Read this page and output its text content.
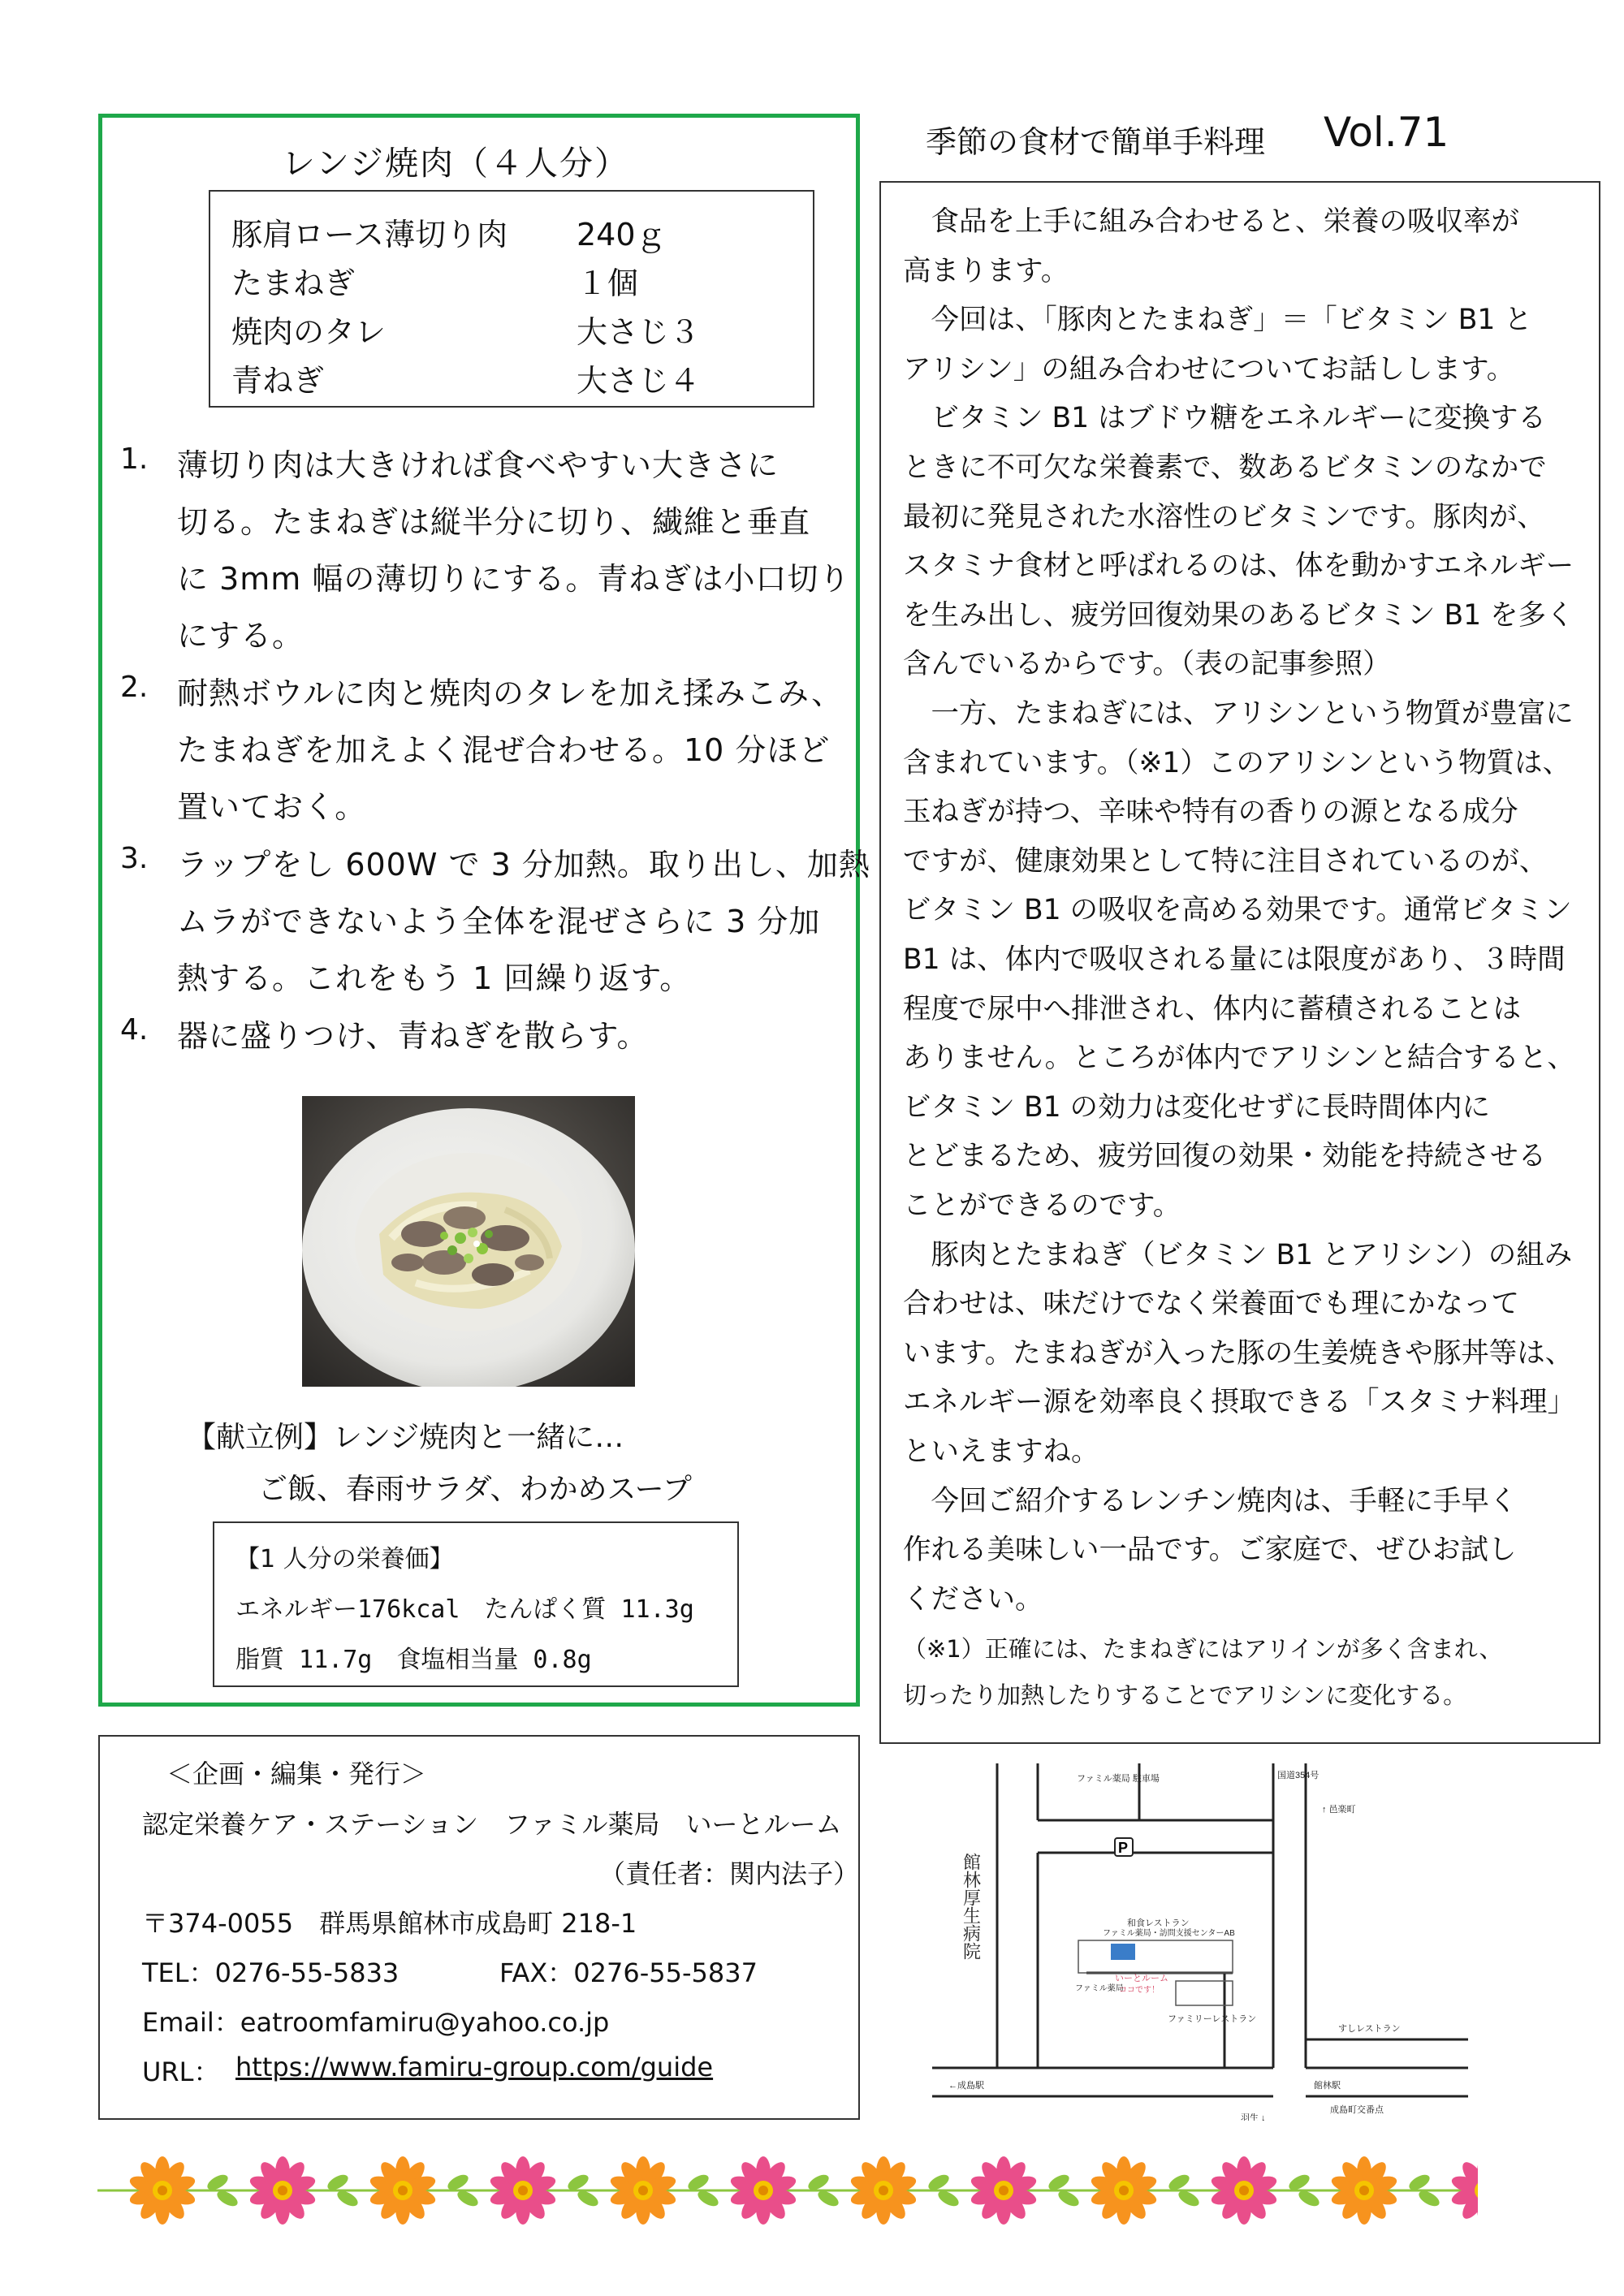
レンジ焼肉（４人分）
豚肩ロース薄切り肉 240ｇ
たまねぎ	１個
焼肉のタレ	大さじ３
青ねぎ	大さじ４
1. 薄切り肉は大きければ食べやすい大きさに
切る。たまねぎは縦半分に切り、繊維と垂直
に 3mm 幅の薄切りにする。青ねぎは小口切り
にする。
2. 耐熱ボウルに肉と焼肉のタレを加え揉みこみ、
たまねぎを加えよく混ぜ合わせる。10 分ほど
置いておく。
3. ラップをし 600W で 3 分加熱。取り出し、加熱
ムラができないよう全体を混ぜさらに 3 分加
熱する。これをもう 1 回繰り返す。
4. 器に盛りつけ、青ねぎを散らす。
【献立例】レンジ焼肉と一緒に…
ご飯、春雨サラダ、わかめスープ
【1 人分の栄養価】
エネルギー176kcal　たんぱく質 11.3g
脂質 11.7g　食塩相当量 0.8g
季節の食材で簡単手料理 Vol.71
　食品を上手に組み合わせると、栄養の吸収率が
高まります。
　今回は、「豚肉とたまねぎ」＝「ビタミン B1 と
アリシン」の組み合わせについてお話しします。
　ビタミン B1 はブドウ糖をエネルギーに変換する
ときに不可欠な栄養素で、数あるビタミンのなかで
最初に発見された水溶性のビタミンです。豚肉が、
スタミナ食材と呼ばれるのは、体を動かすエネルギー
を生み出し、疲労回復効果のあるビタミン B1 を多く
含んでいるからです。（表の記事参照）
　一方、たまねぎには、アリシンという物質が豊富に
含まれています。（※1）このアリシンという物質は、
玉ねぎが持つ、辛味や特有の香りの源となる成分
ですが、健康効果として特に注目されているのが、
ビタミン B1 の吸収を高める効果です。通常ビタミン
B1 は、体内で吸収される量には限度があり、３時間
程度で尿中へ排泄され、体内に蓄積されることは
ありません。ところが体内でアリシンと結合すると、
ビタミン B1 の効力は変化せずに長時間体内に
とどまるため、疲労回復の効果・効能を持続させる
ことができるのです。
　豚肉とたまねぎ（ビタミン B1 とアリシン）の組み
合わせは、味だけでなく栄養面でも理にかなって
います。たまねぎが入った豚の生姜焼きや豚丼等は、
エネルギー源を効率良く摂取できる「スタミナ料理」
といえますね。
　今回ご紹介するレンチン焼肉は、手軽に手早く
作れる美味しい一品です。ご家庭で、ぜひお試し
ください。
（※1）正確には、たまねぎにはアリインが多く含まれ、
切ったり加熱したりすることでアリシンに変化する。
＜企画・編集・発行＞
認定栄養ケア・ステーション　ファミル薬局　いーとルーム
（責任者：関内法子）
〒374-0055　群馬県館林市成島町 218-1
TEL：0276-55-5833	FAX：0276-55-5837
Email：eatroomfamiru@yahoo.co.jp
URL： https://www.famiru-group.com/guide
P
ファミル薬局 駐車場	国道354号
↑ 邑楽町
和食レストラン
ファミル薬局・訪問支援センターAB
ファミリーレストラン
すしレストラン
←成島駅	館林駅
成島町交番点
羽生 ↓
ファミル薬局
いーとルーム
ココです！
館林厚生病院
